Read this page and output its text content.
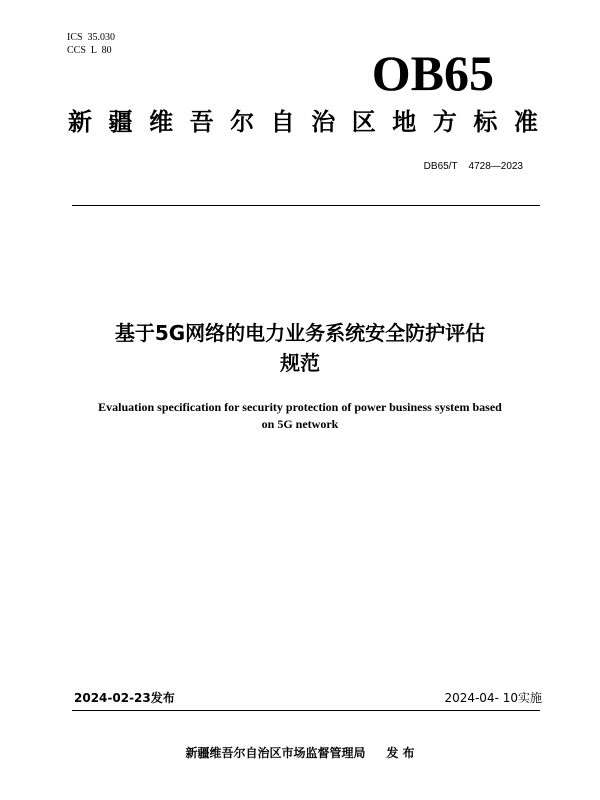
ICS  35.030
CCS  L  80	OB65
新 疆 维 吾 尔 自 治 区 地 方 标 准
DB65/T    4728—2023
基于5G网络的电力业务系统安全防护评估
规范
Evaluation specification for security protection of power business system based
on 5G network
2024-02-23发布	2024-04- 10实施
新疆维吾尔自治区市场监督管理局     发 布
